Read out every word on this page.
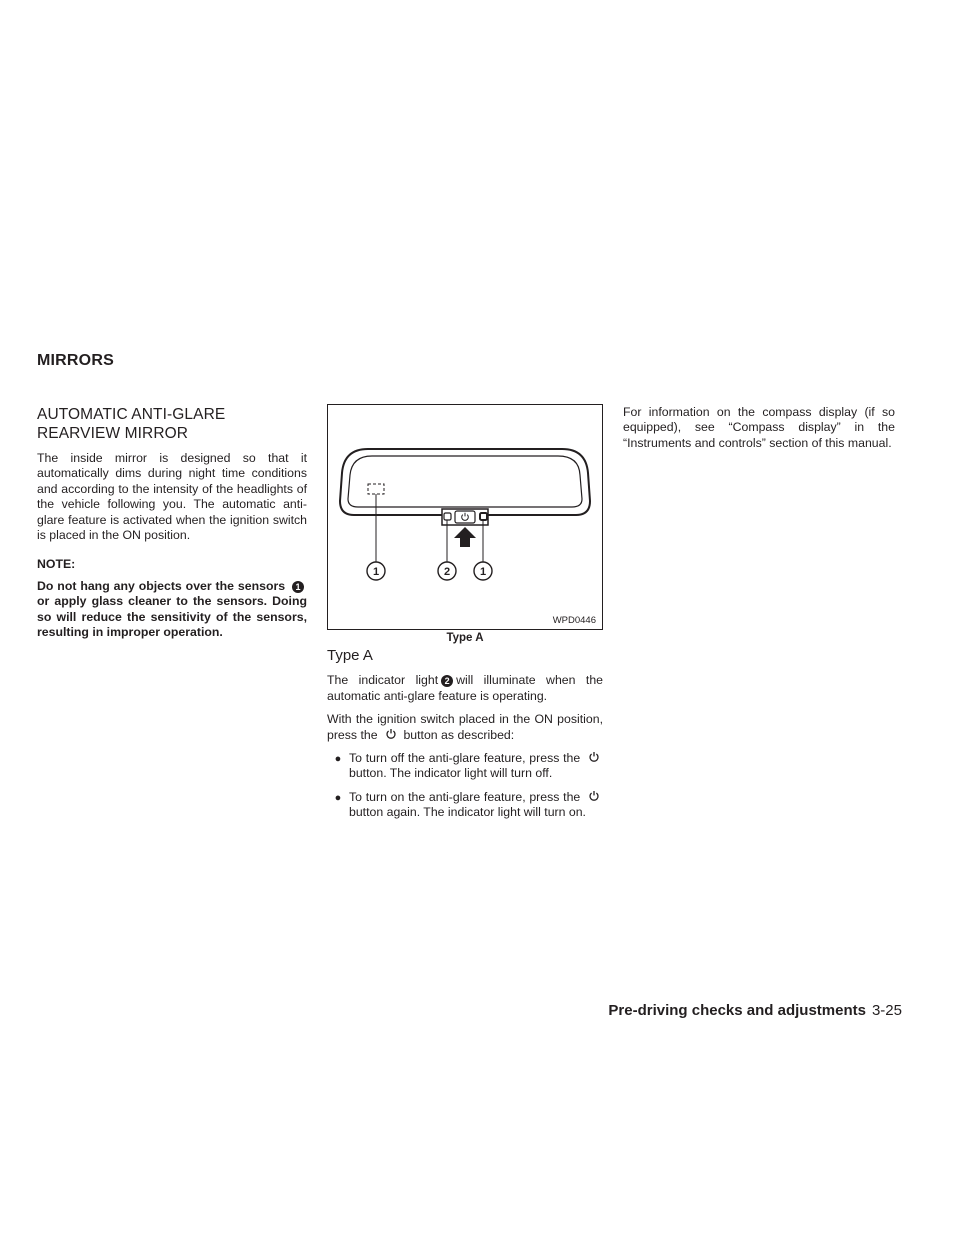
MIRRORS
AUTOMATIC ANTI-GLARE
REARVIEW MIRROR

The inside mirror is designed so that it automatically dims during night time conditions and according to the intensity of the headlights of the vehicle following you. The automatic anti-glare feature is activated when the ignition switch is placed in the ON position.

NOTE:
Do not hang any objects over the sensors 1 or apply glass cleaner to the sensors. Doing so will reduce the sensitivity of the sensors, resulting in improper operation.
1	2	1
WPD0446
Type A
Type A

The indicator light 2 will illuminate when the automatic anti-glare feature is operating.

With the ignition switch placed in the ON position, press the button as described:

● To turn off the anti-glare feature, press the  button. The indicator light will turn off.
● To turn on the anti-glare feature, press the  button again. The indicator light will turn on.

For information on the compass display (if so equipped), see “Compass display” in the “Instruments and controls” section of this manual.

Pre-driving checks and adjustments 3-25
